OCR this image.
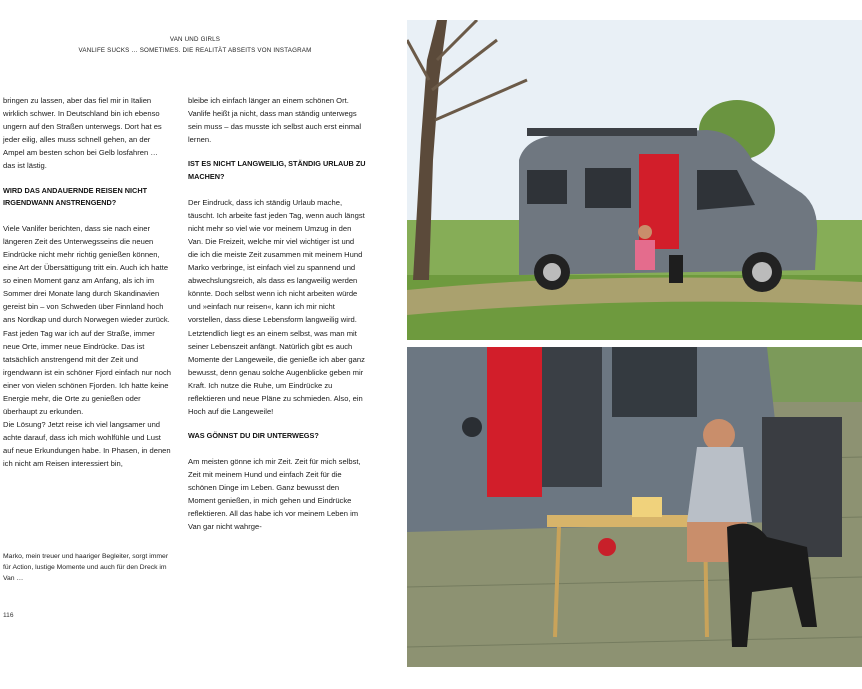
VAN UND GIRLS
VANLIFE SUCKS … SOMETIMES. DIE REALITÄT ABSEITS VON INSTAGRAM

bringen zu lassen, aber das fiel mir in Italien wirklich schwer. In Deutschland bin ich ebenso ungern auf den Straßen unterwegs. Dort hat es jeder eilig, alles muss schnell gehen, an der Ampel am besten schon bei Gelb losfahren … das ist lästig.

WIRD DAS ANDAUERNDE REISEN NICHT IRGENDWANN ANSTRENGEND?

Viele Vanlifer berichten, dass sie nach einer längeren Zeit des Unterwegsseins die neuen Eindrücke nicht mehr richtig genießen können, eine Art der Übersättigung tritt ein. Auch ich hatte so einen Moment ganz am Anfang, als ich im Sommer drei Monate lang durch Skandinavien gereist bin – von Schweden über Finnland hoch ans Nordkap und durch Norwegen wieder zurück. Fast jeden Tag war ich auf der Straße, immer neue Orte, immer neue Eindrücke. Das ist tatsächlich anstrengend mit der Zeit und irgendwann ist ein schöner Fjord einfach nur noch einer von vielen schönen Fjorden. Ich hatte keine Energie mehr, die Orte zu genießen oder überhaupt zu erkunden.

Die Lösung? Jetzt reise ich viel langsamer und achte darauf, dass ich mich wohlfühle und Lust auf neue Erkundungen habe. In Phasen, in denen ich nicht am Reisen interessiert bin,

bleibe ich einfach länger an einem schönen Ort. Vanlife heißt ja nicht, dass man ständig unterwegs sein muss – das musste ich selbst auch erst einmal lernen.

IST ES NICHT LANGWEILIG, STÄNDIG URLAUB ZU MACHEN?

Der Eindruck, dass ich ständig Urlaub mache, täuscht. Ich arbeite fast jeden Tag, wenn auch längst nicht mehr so viel wie vor meinem Umzug in den Van. Die Freizeit, welche mir viel wichtiger ist und die ich die meiste Zeit zusammen mit meinem Hund Marko verbringe, ist einfach viel zu spannend und abwechslungsreich, als dass es langweilig werden könnte. Doch selbst wenn ich nicht arbeiten würde und »einfach nur reisen«, kann ich mir nicht vorstellen, dass diese Lebensform langweilig wird. Letztendlich liegt es an einem selbst, was man mit seiner Lebenszeit anfängt. Natürlich gibt es auch Momente der Langeweile, die genieße ich aber ganz bewusst, denn genau solche Augenblicke geben mir Kraft. Ich nutze die Ruhe, um Eindrücke zu reflektieren und neue Pläne zu schmieden. Also, ein Hoch auf die Langeweile!

WAS GÖNNST DU DIR UNTERWEGS?

Am meisten gönne ich mir Zeit. Zeit für mich selbst, Zeit mit meinem Hund und einfach Zeit für die schönen Dinge im Leben. Ganz bewusst den Moment genießen, in mich gehen und Eindrücke reflektieren. All das habe ich vor meinem Leben im Van gar nicht wahrge-

Marko, mein treuer und haariger Begleiter, sorgt immer für Action, lustige Momente und auch für den Dreck im Van …
116
